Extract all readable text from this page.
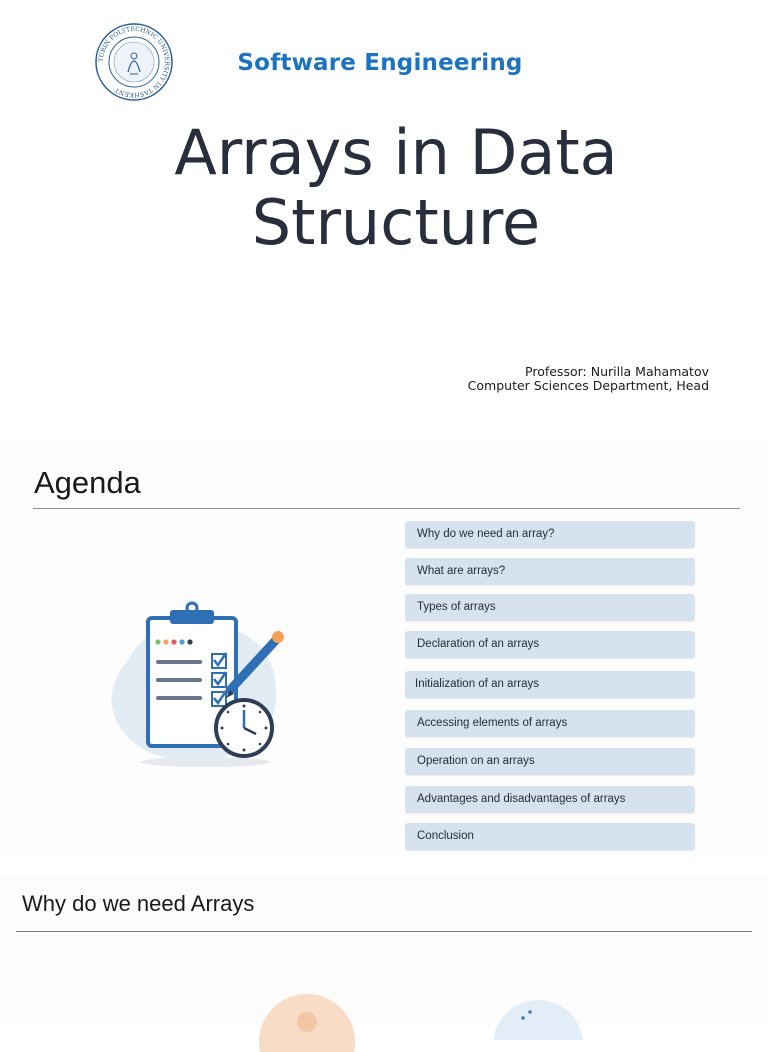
TURIN POLYTECHNIC UNIVERSITY IN TASHKENT
Software Engineering
Arrays in Data
Structure
Professor: Nurilla Mahamatov
Computer Sciences Department, Head
Agenda
Why do we need an array?
What are arrays?
Types of arrays
Declaration of an arrays
Initialization of an arrays
Accessing elements of arrays
Operation on an arrays
Advantages and disadvantages of arrays
Conclusion
Why do we need Arrays
